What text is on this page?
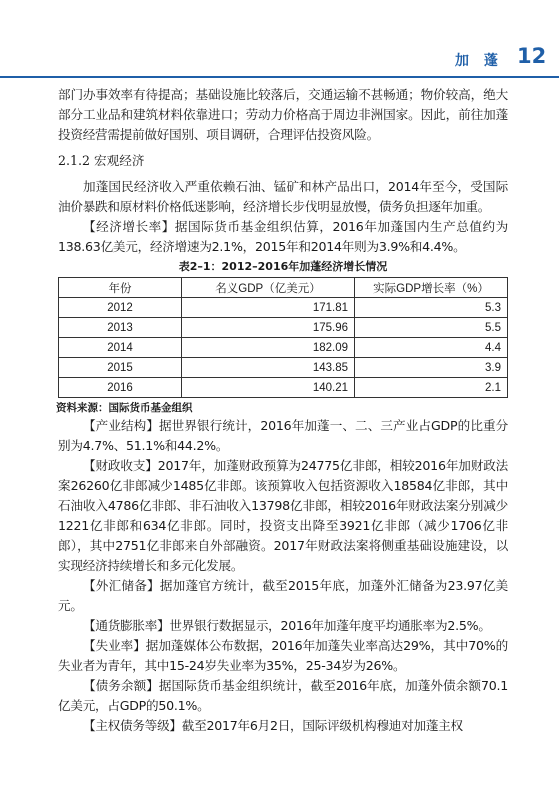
加 蓬 12

部门办事效率有待提高；基础设施比较落后，交通运输不甚畅通；物价较高，绝大部分工业品和建筑材料依靠进口；劳动力价格高于周边非洲国家。因此，前往加蓬投资经营需提前做好国别、项目调研，合理评估投资风险。

2.1.2 宏观经济

加蓬国民经济收入严重依赖石油、锰矿和林产品出口，2014年至今，受国际油价暴跌和原材料价格低迷影响，经济增长步伐明显放慢，债务负担逐年加重。

【经济增长率】据国际货币基金组织估算，2016年加蓬国内生产总值约为138.63亿美元，经济增速为2.1%，2015年和2014年则为3.9%和4.4%。

表2–1：2012–2016年加蓬经济增长情况
年份	名义GDP（亿美元）	实际GDP增长率（%）
2012	171.81	5.3
2013	175.96	5.5
2014	182.09	4.4
2015	143.85	3.9
2016	140.21	2.1
资料来源：国际货币基金组织

【产业结构】据世界银行统计，2016年加蓬一、二、三产业占GDP的比重分别为4.7%、51.1%和44.2%。

【财政收支】2017年，加蓬财政预算为24775亿非郎，相较2016年加财政法案26260亿非郎减少1485亿非郎。该预算收入包括资源收入18584亿非郎，其中石油收入4786亿非郎、非石油收入13798亿非郎，相较2016年财政法案分别减少1221亿非郎和634亿非郎。同时，投资支出降至3921亿非郎（减少1706亿非郎），其中2751亿非郎来自外部融资。2017年财政法案将侧重基础设施建设，以实现经济持续增长和多元化发展。

【外汇储备】据加蓬官方统计，截至2015年底，加蓬外汇储备为23.97亿美元。

【通货膨胀率】世界银行数据显示，2016年加蓬年度平均通胀率为2.5%。

【失业率】据加蓬媒体公布数据，2016年加蓬失业率高达29%，其中70%的失业者为青年，其中15-24岁失业率为35%，25-34岁为26%。

【债务余额】据国际货币基金组织统计，截至2016年底，加蓬外债余额70.1亿美元，占GDP的50.1%。

【主权债务等级】截至2017年6月2日，国际评级机构穆迪对加蓬主权
